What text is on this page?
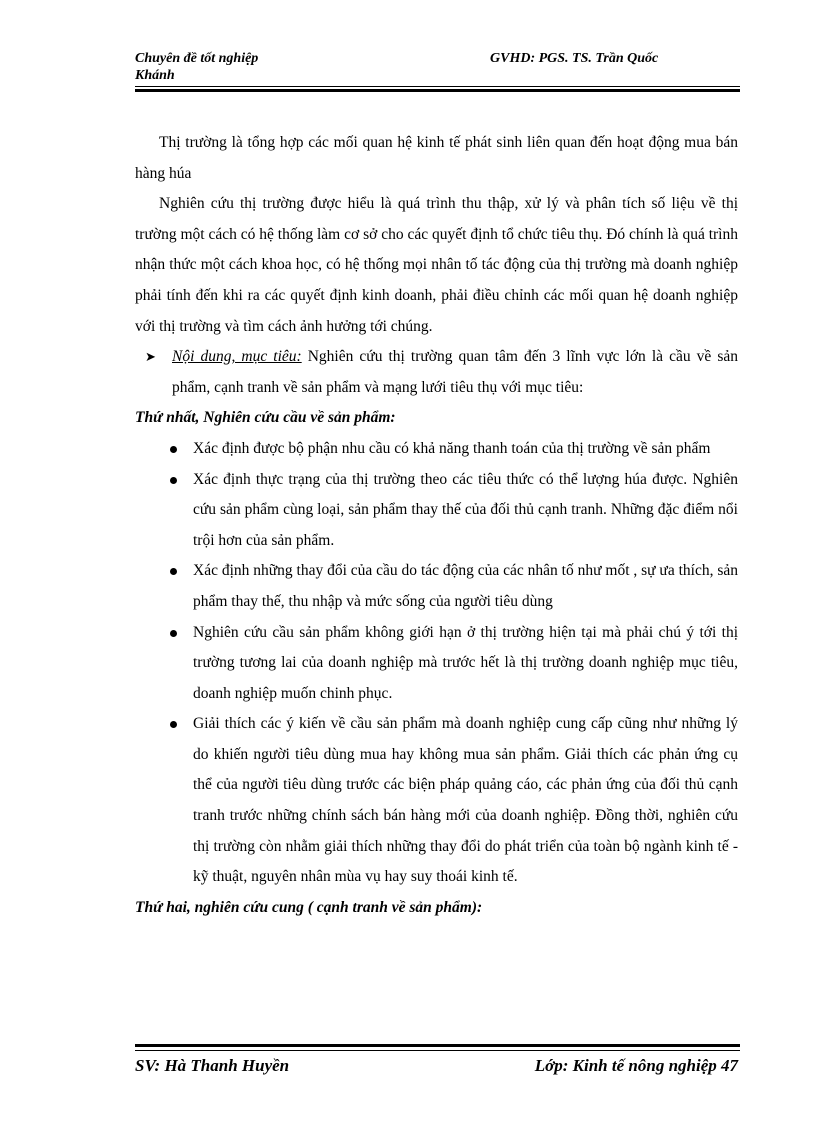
Chuyên đề tốt nghiệp	GVHD: PGS. TS. Trần Quốc
Khánh

Thị trường là tổng hợp các mối quan hệ kinh tế phát sinh liên quan đến hoạt động mua bán hàng húa

Nghiên cứu thị trường được hiểu là quá trình thu thập, xử lý và phân tích số liệu về thị trường một cách có hệ thống làm cơ sở cho các quyết định tổ chức tiêu thụ. Đó chính là quá trình nhận thức một cách khoa học, có hệ thống mọi nhân tố tác động của thị trường mà doanh nghiệp phải tính đến khi ra các quyết định kinh doanh, phải điều chỉnh các mối quan hệ doanh nghiệp với thị trường và tìm cách ảnh hưởng tới chúng.

➤ Nội dung, mục tiêu: Nghiên cứu thị trường quan tâm đến 3 lĩnh vực lớn là cầu về sản phẩm, cạnh tranh về sản phẩm và mạng lưới tiêu thụ với mục tiêu:

Thứ nhất, Nghiên cứu cầu về sản phẩm:

Xác định được bộ phận nhu cầu có khả năng thanh toán của thị trường về sản phẩm
Xác định thực trạng của thị trường theo các tiêu thức có thể lượng húa được. Nghiên cứu sản phẩm cùng loại, sản phẩm thay thế của đối thủ cạnh tranh. Những đặc điểm nổi trội hơn của sản phẩm.
Xác định những thay đổi của cầu do tác động của các nhân tố như mốt , sự ưa thích, sản phẩm thay thế, thu nhập và mức sống của người tiêu dùng
Nghiên cứu cầu sản phẩm không giới hạn ở thị trường hiện tại mà phải chú ý tới thị trường tương lai của doanh nghiệp mà trước hết là thị trường doanh nghiệp mục tiêu, doanh nghiệp muốn chinh phục.
Giải thích các ý kiến về cầu sản phẩm mà doanh nghiệp cung cấp cũng như những lý do khiến người tiêu dùng mua hay không mua sản phẩm. Giải thích các phản ứng cụ thể của người tiêu dùng trước các biện pháp quảng cáo, các phản ứng của đối thủ cạnh tranh trước những chính sách bán hàng mới của doanh nghiệp. Đồng thời, nghiên cứu thị trường còn nhằm giải thích những thay đổi do phát triển của toàn bộ ngành kinh tế - kỹ thuật, nguyên nhân mùa vụ hay suy thoái kinh tế.

Thứ hai, nghiên cứu cung ( cạnh tranh về sản phẩm):

SV: Hà Thanh Huyền	Lớp: Kinh tế nông nghiệp 47
